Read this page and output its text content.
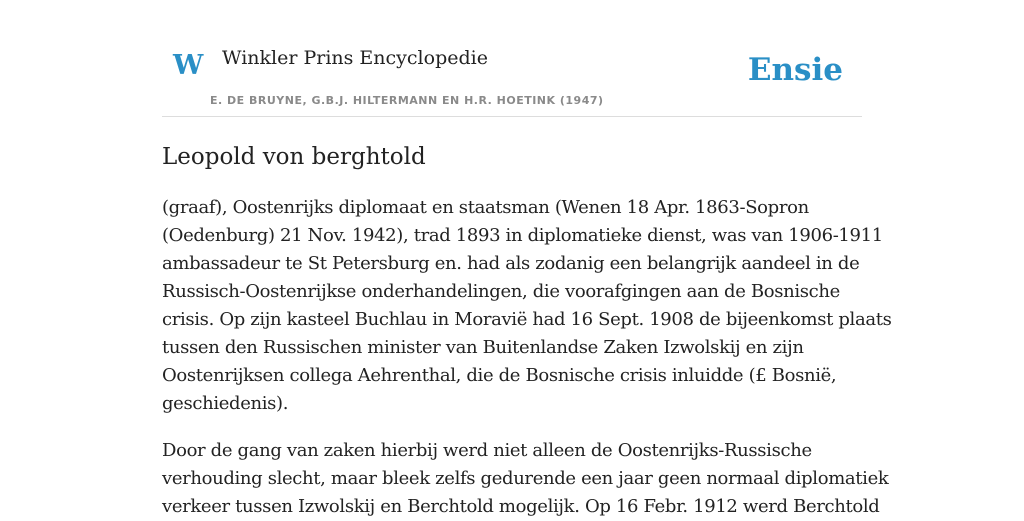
W Winkler Prins Encyclopedie
E. DE BRUYNE, G.B.J. HILTERMANN EN H.R. HOETINK (1947)
Ensie
Leopold von berghtold

(graaf), Oostenrijks diplomaat en staatsman (Wenen 18 Apr. 1863-Sopron
(Oedenburg) 21 Nov. 1942), trad 1893 in diplomatieke dienst, was van 1906-1911
ambassadeur te St Petersburg en. had als zodanig een belangrijk aandeel in de
Russisch-Oostenrijkse onderhandelingen, die voorafgingen aan de Bosnische
crisis. Op zijn kasteel Buchlau in Moravië had 16 Sept. 1908 de bijeenkomst plaats
tussen den Russischen minister van Buitenlandse Zaken Izwolskij en zijn
Oostenrijksen collega Aehrenthal, die de Bosnische crisis inluidde (£ Bosnië,
geschiedenis).

Door de gang van zaken hierbij werd niet alleen de Oostenrijks-Russische
verhouding slecht, maar bleek zelfs gedurende een jaar geen normaal diplomatiek
verkeer tussen Izwolskij en Berchtold mogelijk. Op 16 Febr. 1912 werd Berchtold
